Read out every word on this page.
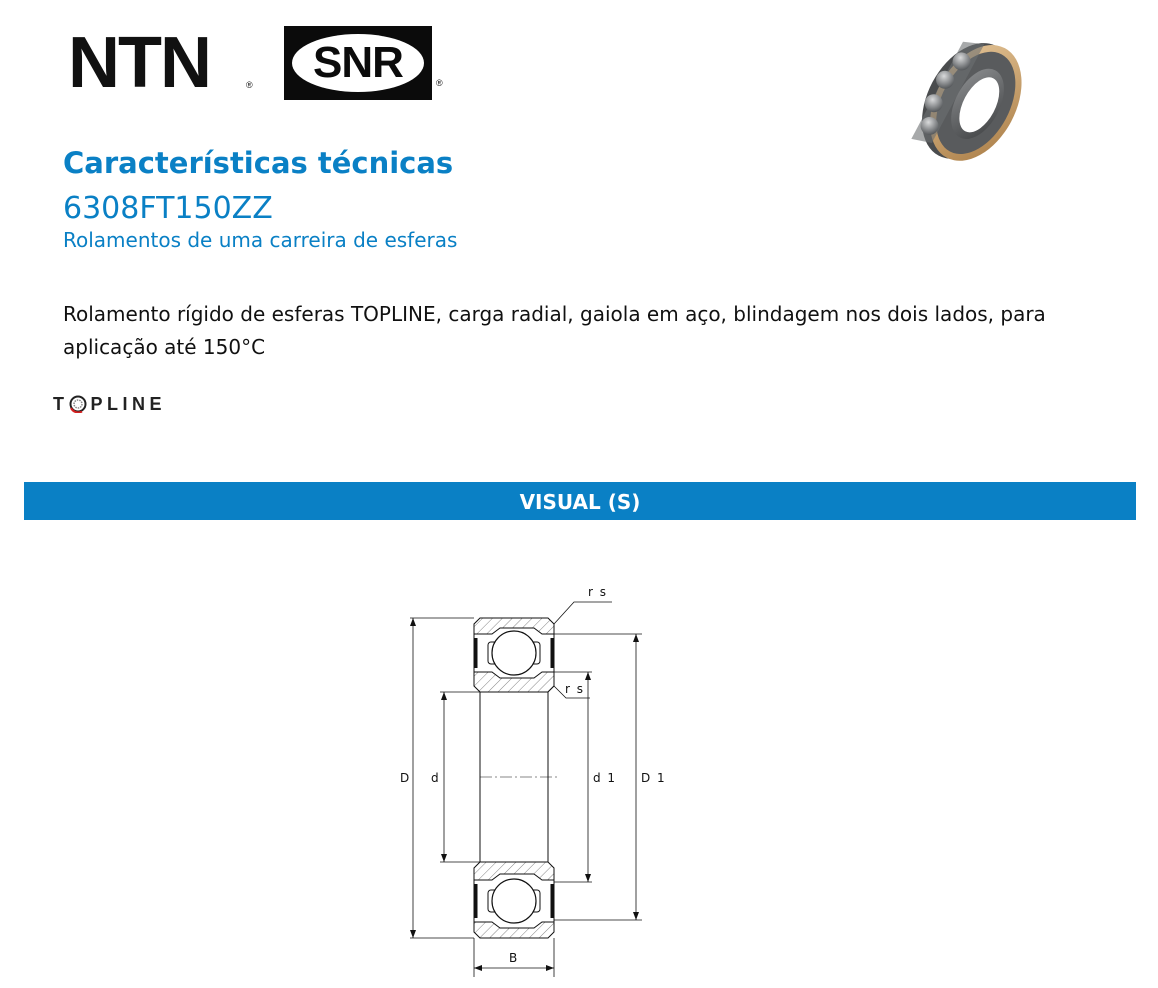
NTN	®	SNR	®
Características técnicas
6308FT150ZZ
Rolamentos de uma carreira de esferas
Rolamento rígido de esferas TOPLINE, carga radial, gaiola em aço, blindagem nos dois lados, para aplicação até 150°C
T PLINE
VISUAL (S)
r s
r s
D d	d 1 D 1
B
